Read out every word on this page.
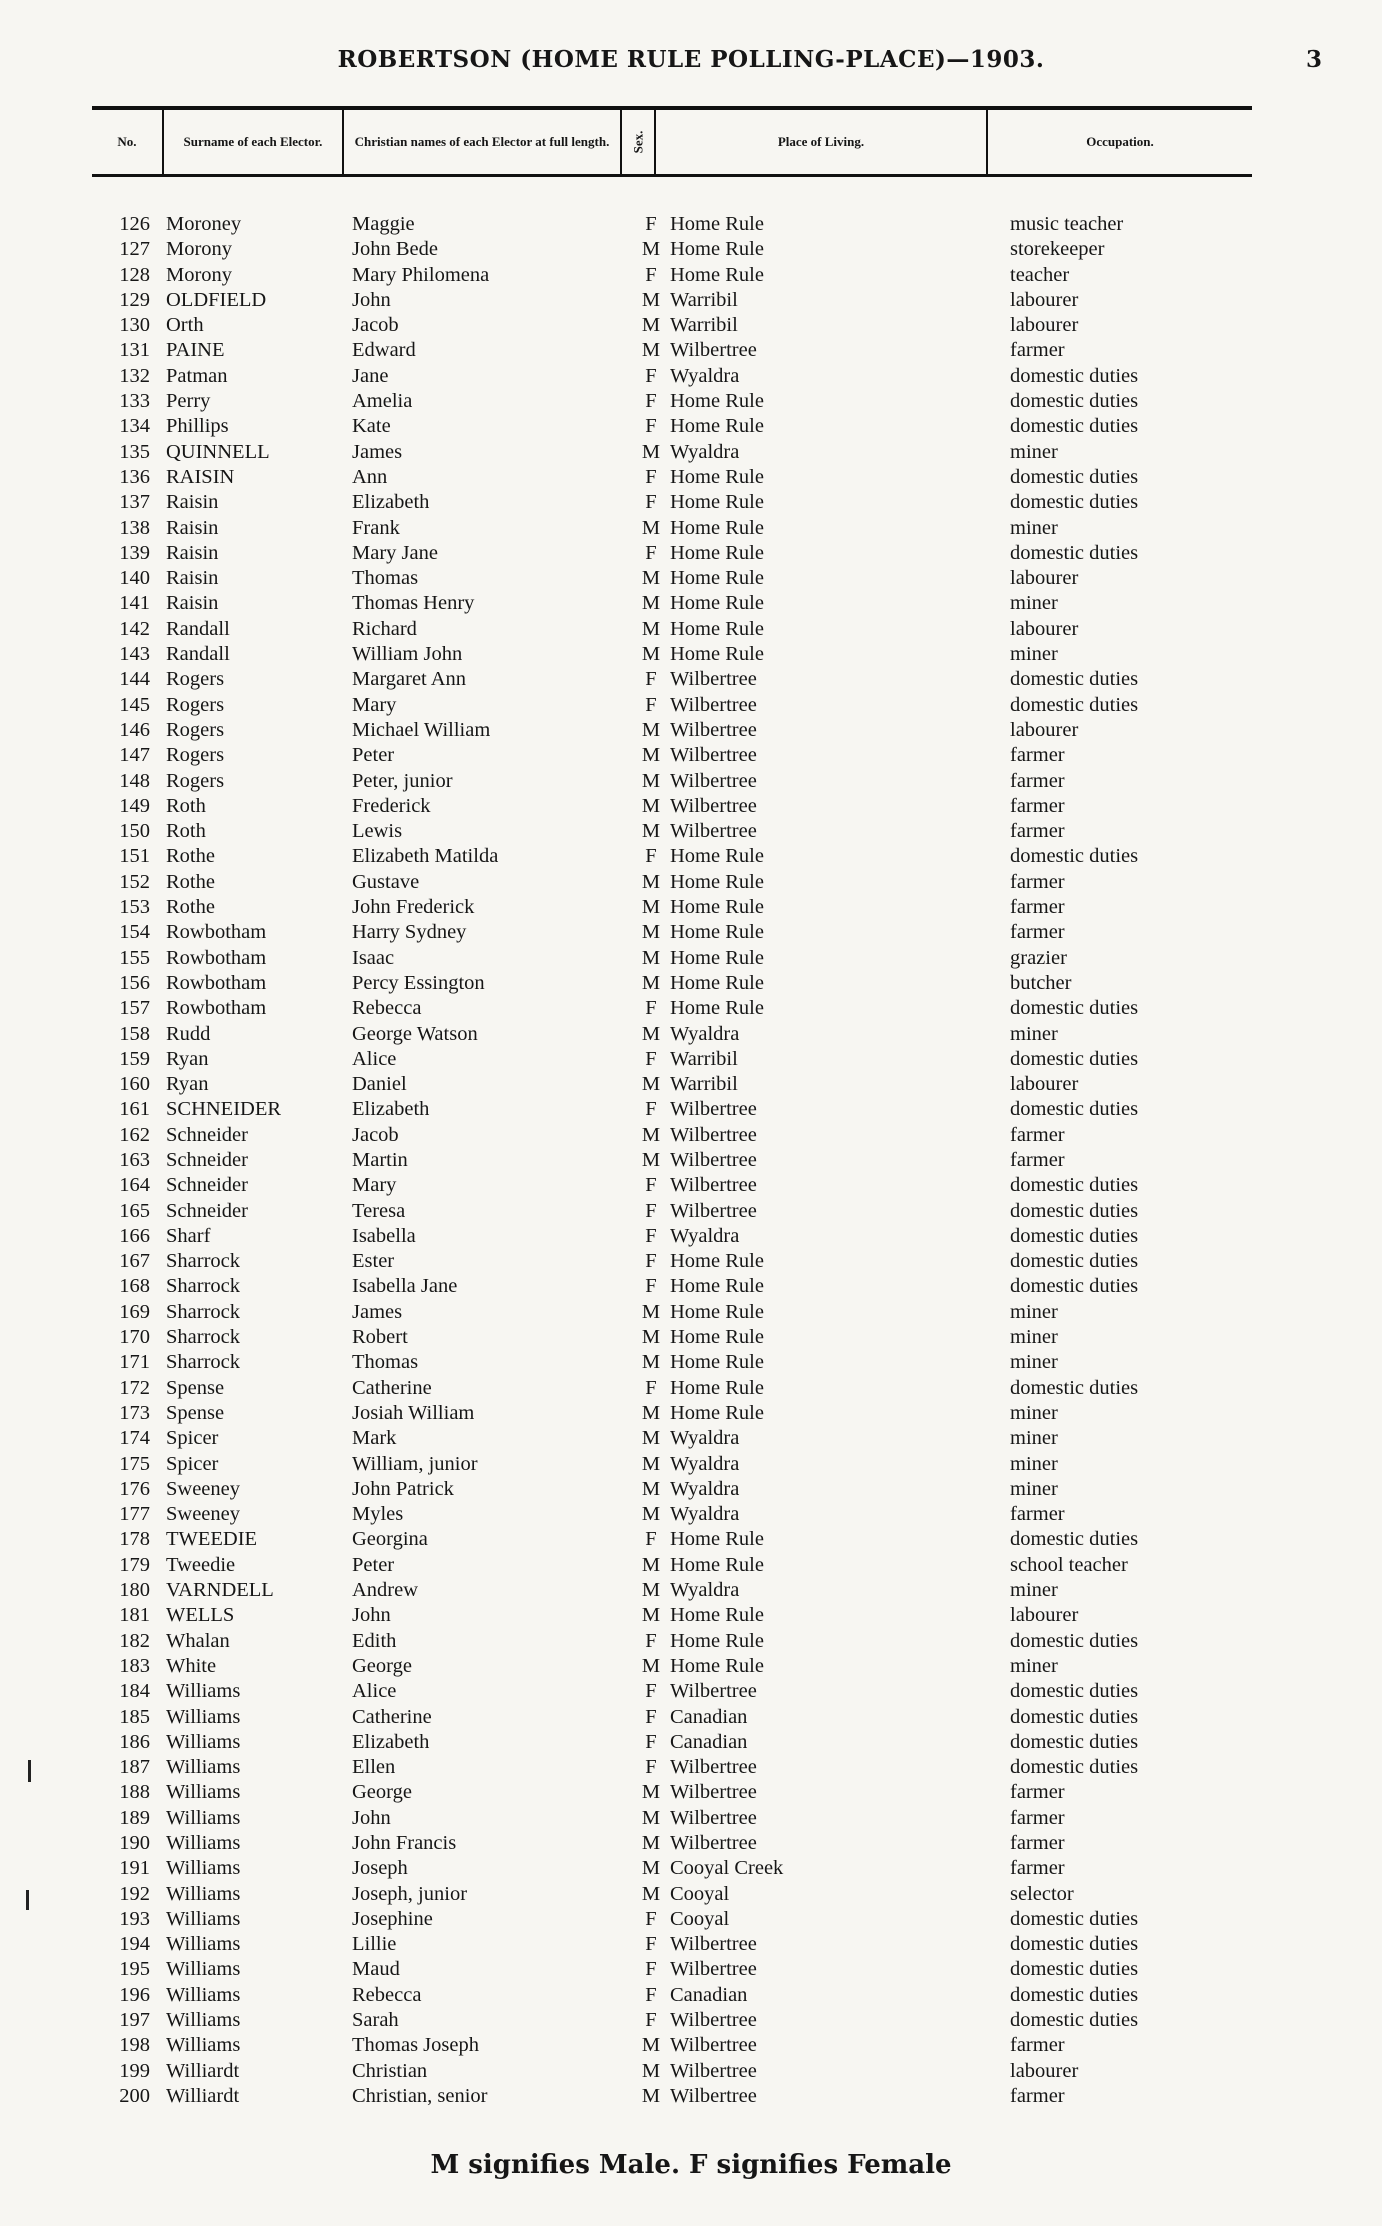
ROBERTSON (HOME RULE POLLING-PLACE)—1903.	3
No.	Surname of each Elector.	Christian names of each Elector at full length.	Sex.	Place of Living.	Occupation.
126 Moroney	Maggie	F Home Rule	music teacher
127 Morony	John Bede	M Home Rule	storekeeper
128 Morony	Mary Philomena	F Home Rule	teacher
129 OLDFIELD	John	M Warribil	labourer
130 Orth	Jacob	M Warribil	labourer
131 PAINE	Edward	M Wilbertree	farmer
132 Patman	Jane	F Wyaldra	domestic duties
133 Perry	Amelia	F Home Rule	domestic duties
134 Phillips	Kate	F Home Rule	domestic duties
135 QUINNELL	James	M Wyaldra	miner
136 RAISIN	Ann	F Home Rule	domestic duties
137 Raisin	Elizabeth	F Home Rule	domestic duties
138 Raisin	Frank	M Home Rule	miner
139 Raisin	Mary Jane	F Home Rule	domestic duties
140 Raisin	Thomas	M Home Rule	labourer
141 Raisin	Thomas Henry	M Home Rule	miner
142 Randall	Richard	M Home Rule	labourer
143 Randall	William John	M Home Rule	miner
144 Rogers	Margaret Ann	F Wilbertree	domestic duties
145 Rogers	Mary	F Wilbertree	domestic duties
146 Rogers	Michael William	M Wilbertree	labourer
147 Rogers	Peter	M Wilbertree	farmer
148 Rogers	Peter, junior	M Wilbertree	farmer
149 Roth	Frederick	M Wilbertree	farmer
150 Roth	Lewis	M Wilbertree	farmer
151 Rothe	Elizabeth Matilda	F Home Rule	domestic duties
152 Rothe	Gustave	M Home Rule	farmer
153 Rothe	John Frederick	M Home Rule	farmer
154 Rowbotham	Harry Sydney	M Home Rule	farmer
155 Rowbotham	Isaac	M Home Rule	grazier
156 Rowbotham	Percy Essington	M Home Rule	butcher
157 Rowbotham	Rebecca	F Home Rule	domestic duties
158 Rudd	George Watson	M Wyaldra	miner
159 Ryan	Alice	F Warribil	domestic duties
160 Ryan	Daniel	M Warribil	labourer
161 SCHNEIDER	Elizabeth	F Wilbertree	domestic duties
162 Schneider	Jacob	M Wilbertree	farmer
163 Schneider	Martin	M Wilbertree	farmer
164 Schneider	Mary	F Wilbertree	domestic duties
165 Schneider	Teresa	F Wilbertree	domestic duties
166 Sharf	Isabella	F Wyaldra	domestic duties
167 Sharrock	Ester	F Home Rule	domestic duties
168 Sharrock	Isabella Jane	F Home Rule	domestic duties
169 Sharrock	James	M Home Rule	miner
170 Sharrock	Robert	M Home Rule	miner
171 Sharrock	Thomas	M Home Rule	miner
172 Spense	Catherine	F Home Rule	domestic duties
173 Spense	Josiah William	M Home Rule	miner
174 Spicer	Mark	M Wyaldra	miner
175 Spicer	William, junior	M Wyaldra	miner
176 Sweeney	John Patrick	M Wyaldra	miner
177 Sweeney	Myles	M Wyaldra	farmer
178 TWEEDIE	Georgina	F Home Rule	domestic duties
179 Tweedie	Peter	M Home Rule	school teacher
180 VARNDELL	Andrew	M Wyaldra	miner
181 WELLS	John	M Home Rule	labourer
182 Whalan	Edith	F Home Rule	domestic duties
183 White	George	M Home Rule	miner
184 Williams	Alice	F Wilbertree	domestic duties
185 Williams	Catherine	F Canadian	domestic duties
186 Williams	Elizabeth	F Canadian	domestic duties
187 Williams	Ellen	F Wilbertree	domestic duties
188 Williams	George	M Wilbertree	farmer
189 Williams	John	M Wilbertree	farmer
190 Williams	John Francis	M Wilbertree	farmer
191 Williams	Joseph	M Cooyal Creek	farmer
192 Williams	Joseph, junior	M Cooyal	selector
193 Williams	Josephine	F Cooyal	domestic duties
194 Williams	Lillie	F Wilbertree	domestic duties
195 Williams	Maud	F Wilbertree	domestic duties
196 Williams	Rebecca	F Canadian	domestic duties
197 Williams	Sarah	F Wilbertree	domestic duties
198 Williams	Thomas Joseph	M Wilbertree	farmer
199 Williardt	Christian	M Wilbertree	labourer
200 Williardt	Christian, senior	M Wilbertree	farmer
M signifies Male. F signifies Female
